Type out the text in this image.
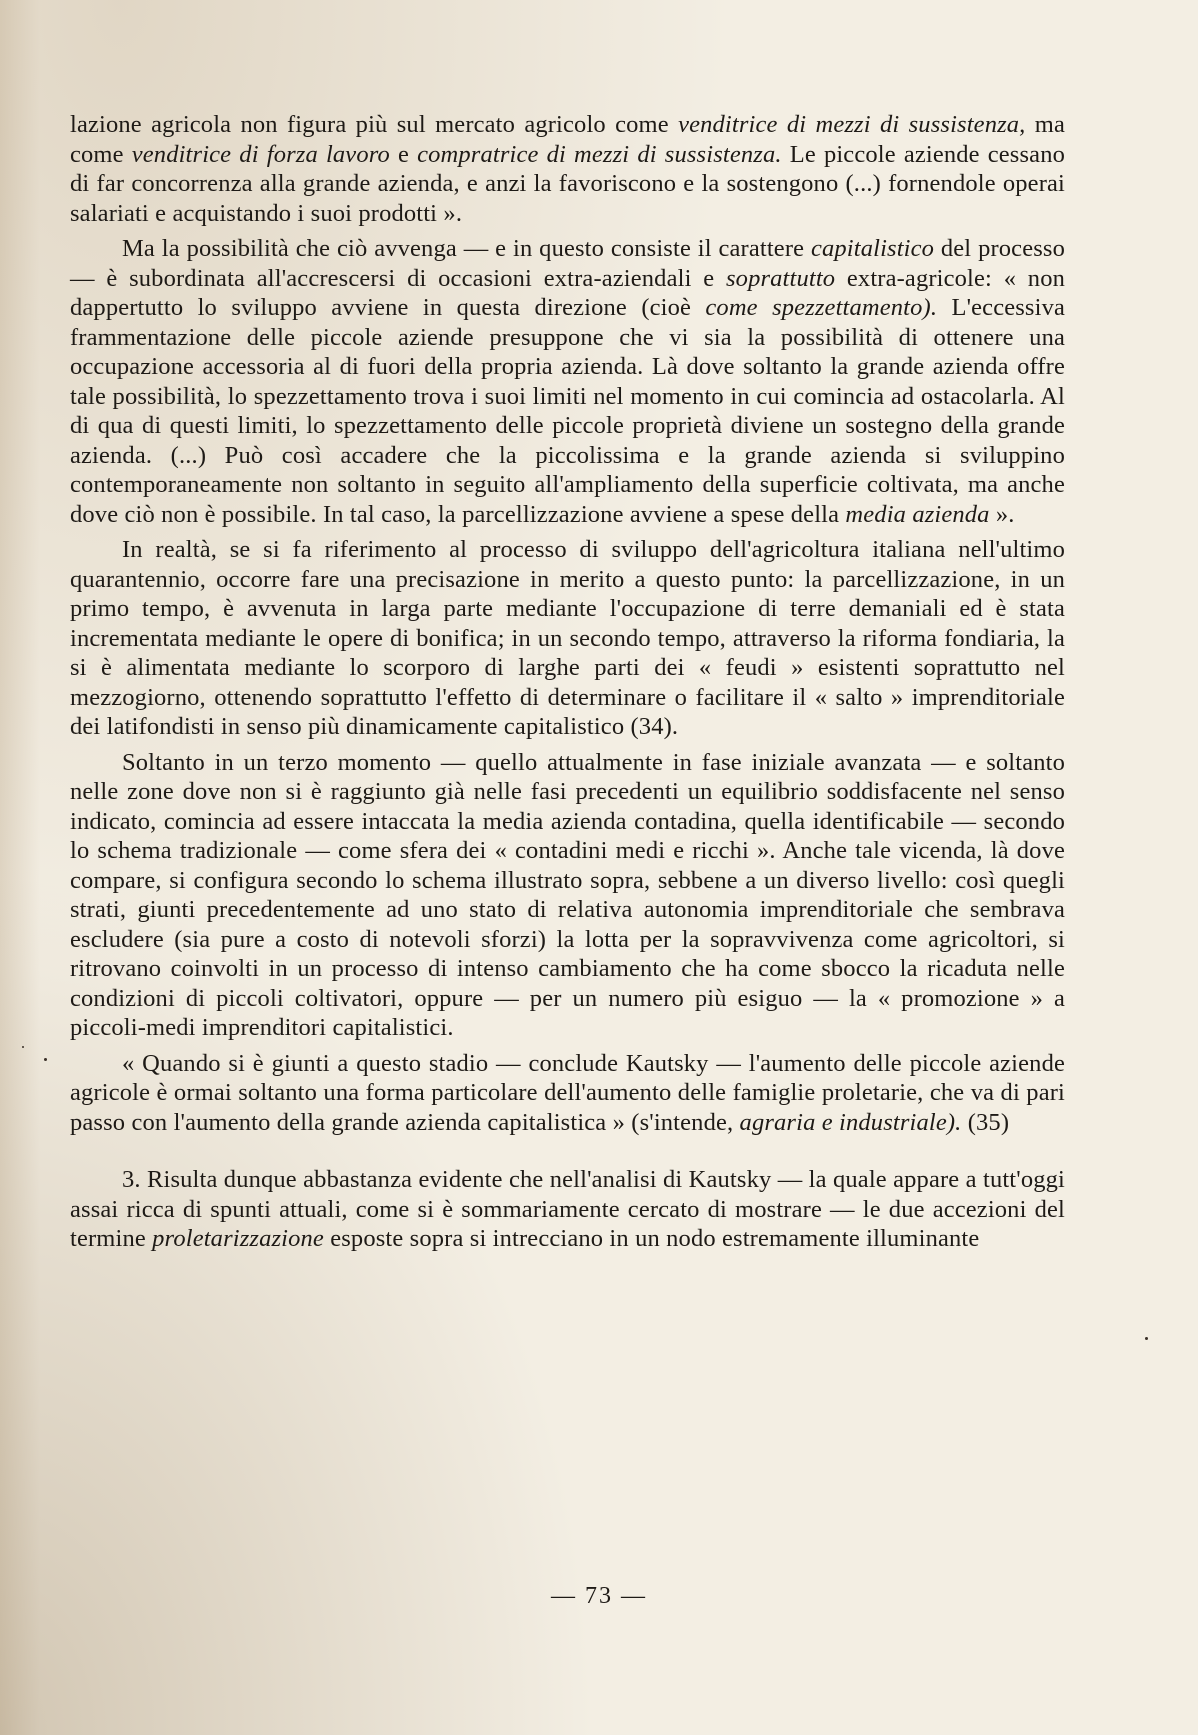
lazione agricola non figura più sul mercato agricolo come venditrice di mezzi di sussistenza, ma come venditrice di forza lavoro e compratrice di mezzi di sussistenza. Le piccole aziende cessano di far concorrenza alla grande azienda, e anzi la favoriscono e la sostengono (...) fornendole operai salariati e acquistando i suoi prodotti ».

Ma la possibilità che ciò avvenga — e in questo consiste il carattere capitalistico del processo — è subordinata all'accrescersi di occasioni extra-aziendali e soprattutto extra-agricole: « non dappertutto lo sviluppo avviene in questa direzione (cioè come spezzettamento). L'eccessiva frammentazione delle piccole aziende presuppone che vi sia la possibilità di ottenere una occupazione accessoria al di fuori della propria azienda. Là dove soltanto la grande azienda offre tale possibilità, lo spezzettamento trova i suoi limiti nel momento in cui comincia ad ostacolarla. Al di qua di questi limiti, lo spezzettamento delle piccole proprietà diviene un sostegno della grande azienda. (...) Può così accadere che la piccolissima e la grande azienda si sviluppino contemporaneamente non soltanto in seguito all'ampliamento della superficie coltivata, ma anche dove ciò non è possibile. In tal caso, la parcellizzazione avviene a spese della media azienda ».

In realtà, se si fa riferimento al processo di sviluppo dell'agricoltura italiana nell'ultimo quarantennio, occorre fare una precisazione in merito a questo punto: la parcellizzazione, in un primo tempo, è avvenuta in larga parte mediante l'occupazione di terre demaniali ed è stata incrementata mediante le opere di bonifica; in un secondo tempo, attraverso la riforma fondiaria, la si è alimentata mediante lo scorporo di larghe parti dei « feudi » esistenti soprattutto nel mezzogiorno, ottenendo soprattutto l'effetto di determinare o facilitare il « salto » imprenditoriale dei latifondisti in senso più dinamicamente capitalistico (34).

Soltanto in un terzo momento — quello attualmente in fase iniziale avanzata — e soltanto nelle zone dove non si è raggiunto già nelle fasi precedenti un equilibrio soddisfacente nel senso indicato, comincia ad essere intaccata la media azienda contadina, quella identificabile — secondo lo schema tradizionale — come sfera dei « contadini medi e ricchi ». Anche tale vicenda, là dove compare, si configura secondo lo schema illustrato sopra, sebbene a un diverso livello: così quegli strati, giunti precedentemente ad uno stato di relativa autonomia imprenditoriale che sembrava escludere (sia pure a costo di notevoli sforzi) la lotta per la sopravvivenza come agricoltori, si ritrovano coinvolti in un processo di intenso cambiamento che ha come sbocco la ricaduta nelle condizioni di piccoli coltivatori, oppure — per un numero più esiguo — la « promozione » a piccoli-medi imprenditori capitalistici.

« Quando si è giunti a questo stadio — conclude Kautsky — l'aumento delle piccole aziende agricole è ormai soltanto una forma particolare dell'aumento delle famiglie proletarie, che va di pari passo con l'aumento della grande azienda capitalistica » (s'intende, agraria e industriale). (35)

3. Risulta dunque abbastanza evidente che nell'analisi di Kautsky — la quale appare a tutt'oggi assai ricca di spunti attuali, come si è sommariamente cercato di mostrare — le due accezioni del termine proletarizzazione esposte sopra si intrecciano in un nodo estremamente illuminante

— 73 —
